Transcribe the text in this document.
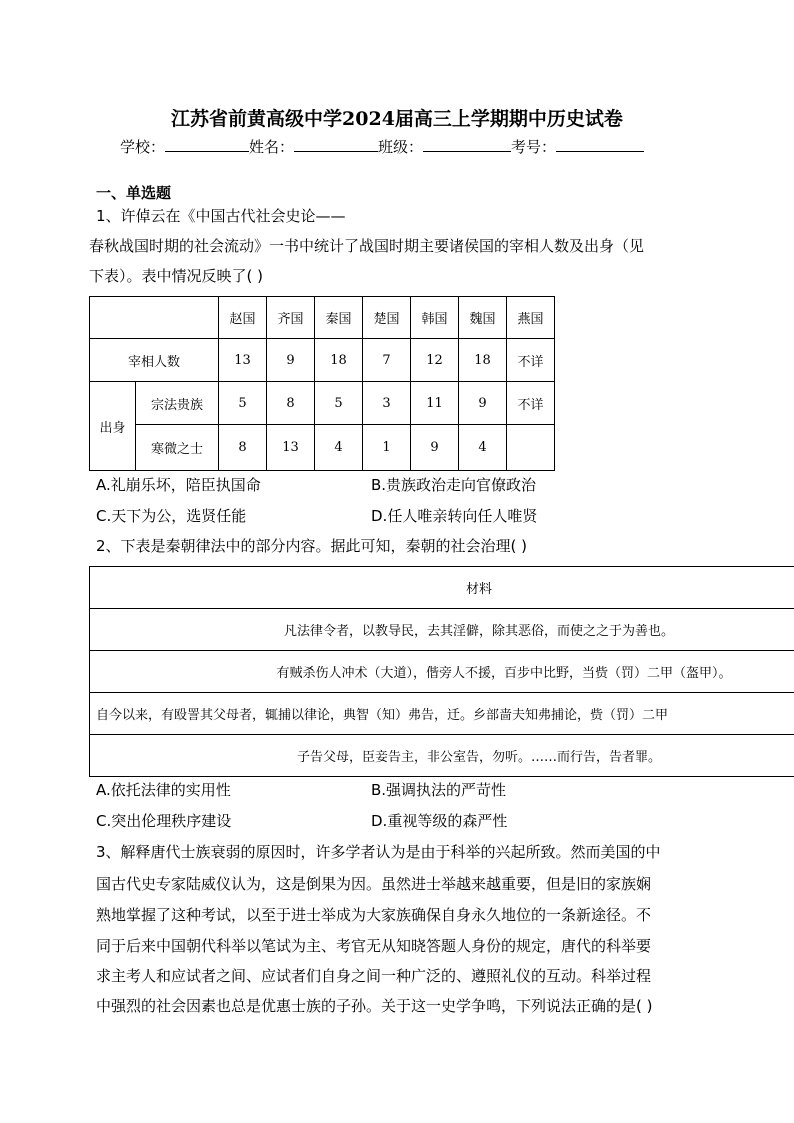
江苏省前黄高级中学2024届高三上学期期中历史试卷
学校：	姓名：	班级：	考号：
一、单选题
1、许倬云在《中国古代社会史论——
春秋战国时期的社会流动》一书中统计了战国时期主要诸侯国的宰相人数及出身（见
下表）。表中情况反映了( )
		赵国	齐国	秦国	楚国	韩国	魏国	燕国
宰相人数		13	9	18	7	12	18	不详
出身	宗法贵族	5	8	5	3	11	9	不详
	寒微之士	8	13	4	1	9	4	
A.礼崩乐坏，陪臣执国命	B.贵族政治走向官僚政治
C.天下为公，选贤任能	D.任人唯亲转向任人唯贤
2、下表是秦朝律法中的部分内容。据此可知，秦朝的社会治理( )
材料
凡法律令者，以教导民，去其淫僻，除其恶俗，而使之之于为善也。
有贼杀伤人冲术（大道），偕旁人不援，百步中比野，当赀（罚）二甲（盔甲）。
自今以来，有殴詈其父母者，辄捕以律论，典智（知）弗告，迁。乡部啬夫知弗捕论，赀（罚）二甲
子告父母，臣妾告主，非公室告，勿听。……而行告，告者罪。
A.依托法律的实用性	B.强调执法的严苛性
C.突出伦理秩序建设	D.重视等级的森严性
3、解释唐代士族衰弱的原因时，许多学者认为是由于科举的兴起所致。然而美国的中
国古代史专家陆威仪认为，这是倒果为因。虽然进士举越来越重要，但是旧的家族娴
熟地掌握了这种考试，以至于进士举成为大家族确保自身永久地位的一条新途径。不
同于后来中国朝代科举以笔试为主、考官无从知晓答题人身份的规定，唐代的科举要
求主考人和应试者之间、应试者们自身之间一种广泛的、遵照礼仪的互动。科举过程
中强烈的社会因素也总是优惠士族的子孙。关于这一史学争鸣，下列说法正确的是( )
